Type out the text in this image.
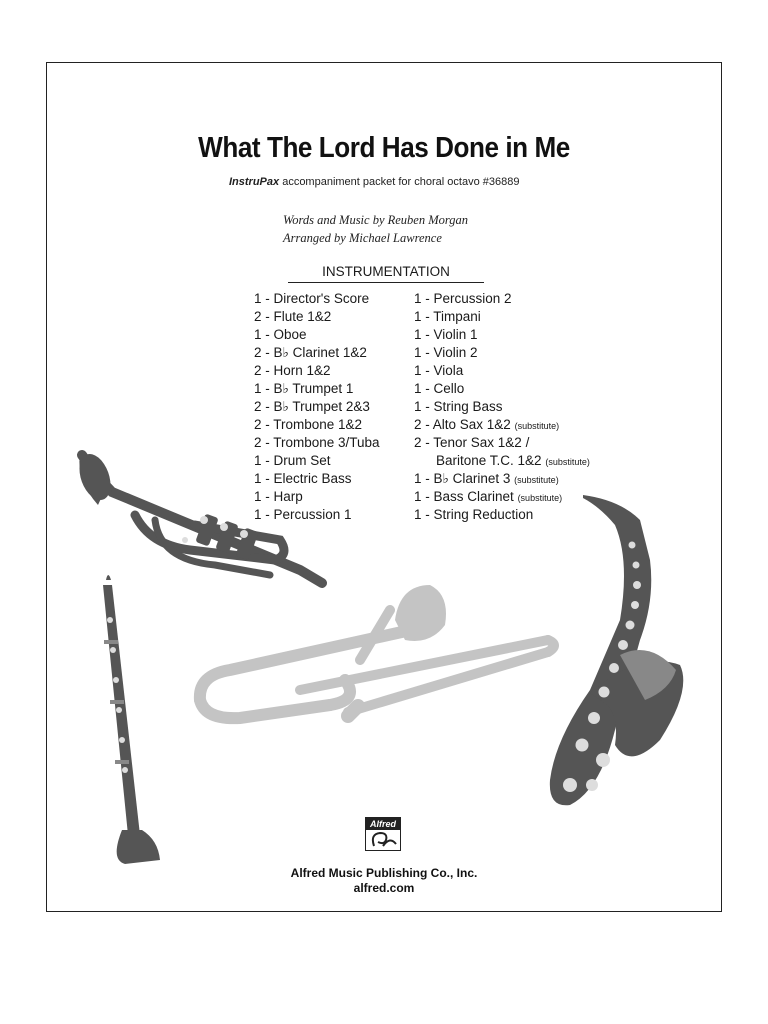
What The Lord Has Done in Me
InstruPax accompaniment packet for choral octavo #36889
Words and Music by Reuben Morgan
Arranged by Michael Lawrence
INSTRUMENTATION
1 - Director's Score
2 - Flute 1&2
1 - Oboe
2 - B♭ Clarinet 1&2
2 - Horn 1&2
1 - B♭ Trumpet 1
2 - B♭ Trumpet 2&3
2 - Trombone 1&2
2 - Trombone 3/Tuba
1 - Drum Set
1 - Electric Bass
1 - Harp
1 - Percussion 1
1 - Percussion 2
1 - Timpani
1 - Violin 1
1 - Violin 2
1 - Viola
1 - Cello
1 - String Bass
2 - Alto Sax 1&2 (substitute)
2 - Tenor Sax 1&2 /
Baritone T.C. 1&2 (substitute)
1 - B♭ Clarinet 3 (substitute)
1 - Bass Clarinet (substitute)
1 - String Reduction
Alfred
Alfred Music Publishing Co., Inc.
alfred.com
